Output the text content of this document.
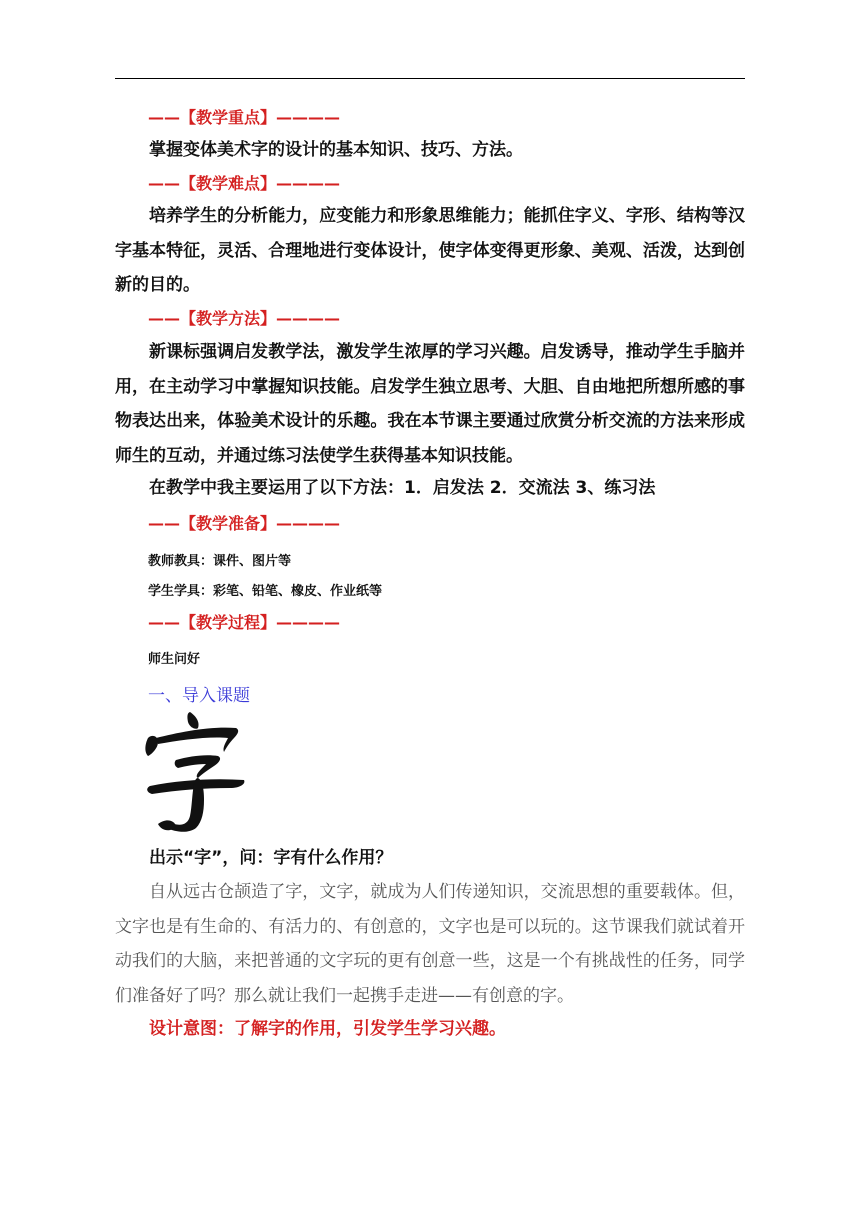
——【教学重点】————
掌握变体美术字的设计的基本知识、技巧、方法。
——【教学难点】————
培养学生的分析能力，应变能力和形象思维能力；能抓住字义、字形、结构等汉字基本特征，灵活、合理地进行变体设计，使字体变得更形象、美观、活泼，达到创新的目的。
——【教学方法】————
新课标强调启发教学法，激发学生浓厚的学习兴趣。启发诱导，推动学生手脑并用，在主动学习中掌握知识技能。启发学生独立思考、大胆、自由地把所想所感的事物表达出来，体验美术设计的乐趣。我在本节课主要通过欣赏分析交流的方法来形成师生的互动，并通过练习法使学生获得基本知识技能。
在教学中我主要运用了以下方法：1．启发法 2．交流法 3、练习法
——【教学准备】————
教师教具：课件、图片等
学生学具：彩笔、铅笔、橡皮、作业纸等
——【教学过程】————
师生问好
一、导入课题
出示“字”，问：字有什么作用？
自从远古仓颉造了字，文字，就成为人们传递知识，交流思想的重要载体。但，文字也是有生命的、有活力的、有创意的，文字也是可以玩的。这节课我们就试着开动我们的大脑，来把普通的文字玩的更有创意一些，这是一个有挑战性的任务，同学们准备好了吗？那么就让我们一起携手走进——有创意的字。
设计意图：了解字的作用，引发学生学习兴趣。
